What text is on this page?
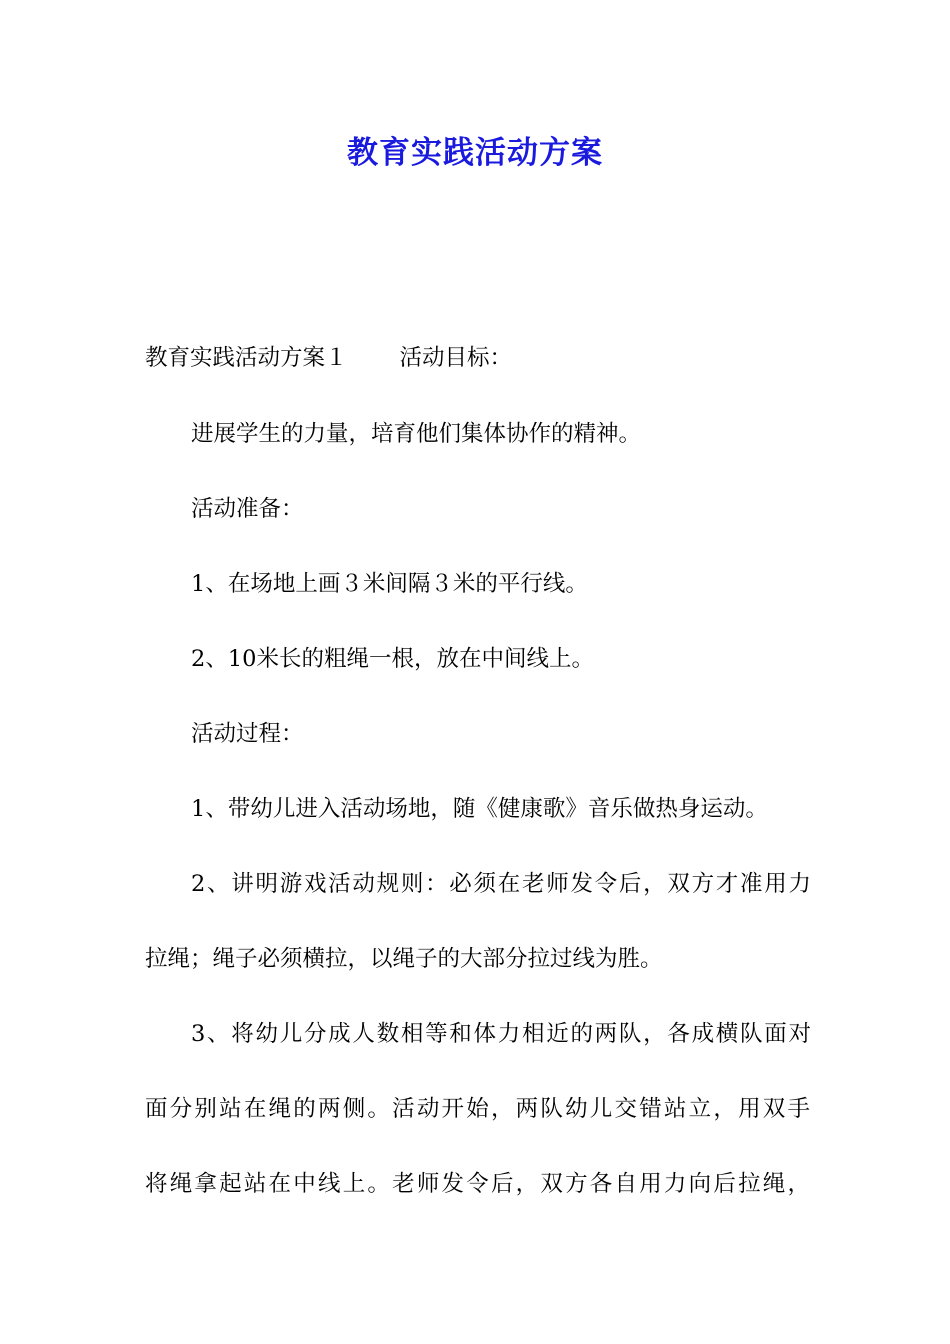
教育实践活动方案

教育实践活动方案１ 活动目标：

进展学生的力量，培育他们集体协作的精神。

活动准备：

1、在场地上画３米间隔３米的平行线。

2、10米长的粗绳一根，放在中间线上。

活动过程：

1、带幼儿进入活动场地，随《健康歌》音乐做热身运动。

2、讲明游戏活动规则：必须在老师发令后，双方才准用力

拉绳；绳子必须横拉，以绳子的大部分拉过线为胜。

3、将幼儿分成人数相等和体力相近的两队，各成横队面对

面分别站在绳的两侧。活动开始，两队幼儿交错站立，用双手

将绳拿起站在中线上。老师发令后，双方各自用力向后拉绳，
